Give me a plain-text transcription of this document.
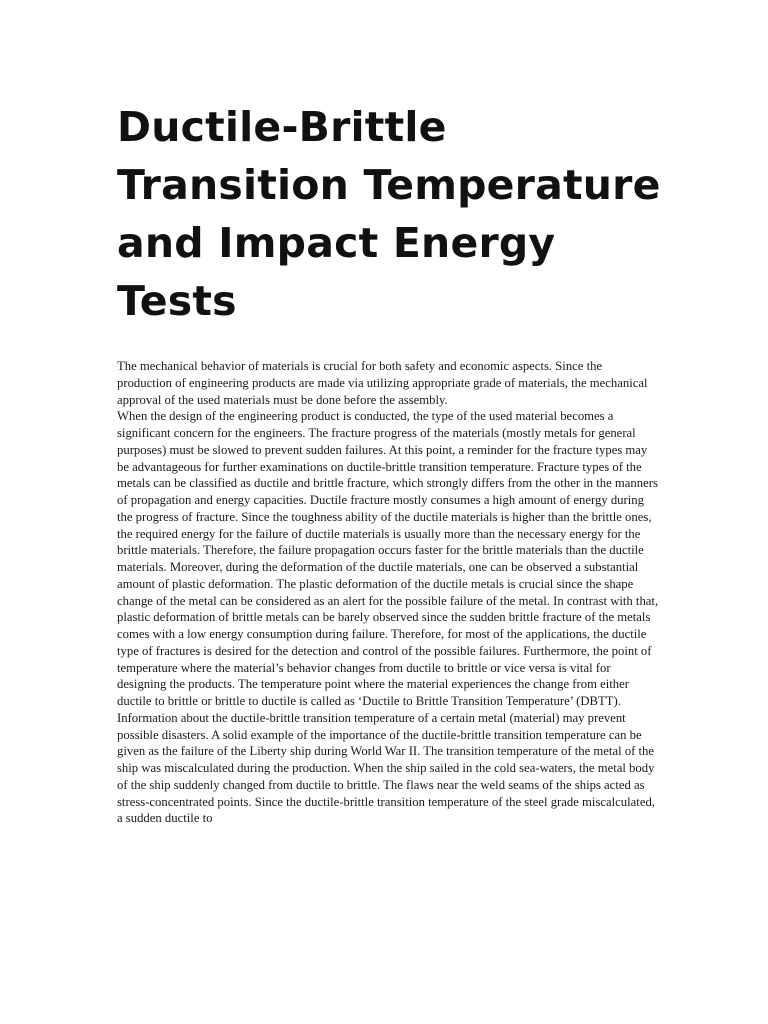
Ductile-Brittle Transition Temperature and Impact Energy Tests

The mechanical behavior of materials is crucial for both safety and economic aspects. Since the production of engineering products are made via utilizing appropriate grade of materials, the mechanical approval of the used materials must be done before the assembly.

When the design of the engineering product is conducted, the type of the used material becomes a significant concern for the engineers. The fracture progress of the materials (mostly metals for general purposes) must be slowed to prevent sudden failures. At this point, a reminder for the fracture types may be advantageous for further examinations on ductile-brittle transition temperature. Fracture types of the metals can be classified as ductile and brittle fracture, which strongly differs from the other in the manners of propagation and energy capacities. Ductile fracture mostly consumes a high amount of energy during the progress of fracture. Since the toughness ability of the ductile materials is higher than the brittle ones, the required energy for the failure of ductile materials is usually more than the necessary energy for the brittle materials. Therefore, the failure propagation occurs faster for the brittle materials than the ductile materials. Moreover, during the deformation of the ductile materials, one can be observed a substantial amount of plastic deformation. The plastic deformation of the ductile metals is crucial since the shape change of the metal can be considered as an alert for the possible failure of the metal. In contrast with that, plastic deformation of brittle metals can be barely observed since the sudden brittle fracture of the metals comes with a low energy consumption during failure. Therefore, for most of the applications, the ductile type of fractures is desired for the detection and control of the possible failures. Furthermore, the point of temperature where the material’s behavior changes from ductile to brittle or vice versa is vital for designing the products. The temperature point where the material experiences the change from either ductile to brittle or brittle to ductile is called as ‘Ductile to Brittle Transition Temperature’ (DBTT). Information about the ductile-brittle transition temperature of a certain metal (material) may prevent possible disasters. A solid example of the importance of the ductile-brittle transition temperature can be given as the failure of the Liberty ship during World War II. The transition temperature of the metal of the ship was miscalculated during the production. When the ship sailed in the cold sea-waters, the metal body of the ship suddenly changed from ductile to brittle. The flaws near the weld seams of the ships acted as stress-concentrated points. Since the ductile-brittle transition temperature of the steel grade miscalculated, a sudden ductile to
